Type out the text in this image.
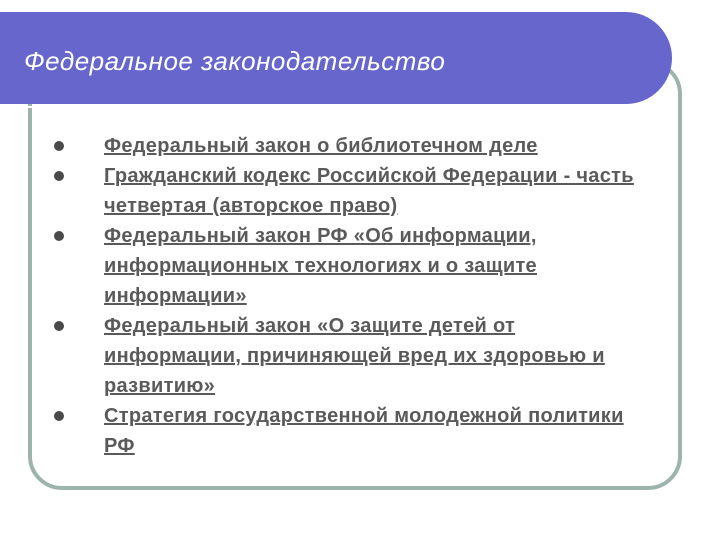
Федеральное законодательство
Федеральный закон о библиотечном деле
Гражданский кодекс Российской Федерации - часть четвертая (авторское право)
Федеральный закон РФ «Об информации, информационных технологиях и о защите информации»
Федеральный закон «О защите детей от информации, причиняющей вред их здоровью и развитию»
Стратегия государственной молодежной политики РФ
